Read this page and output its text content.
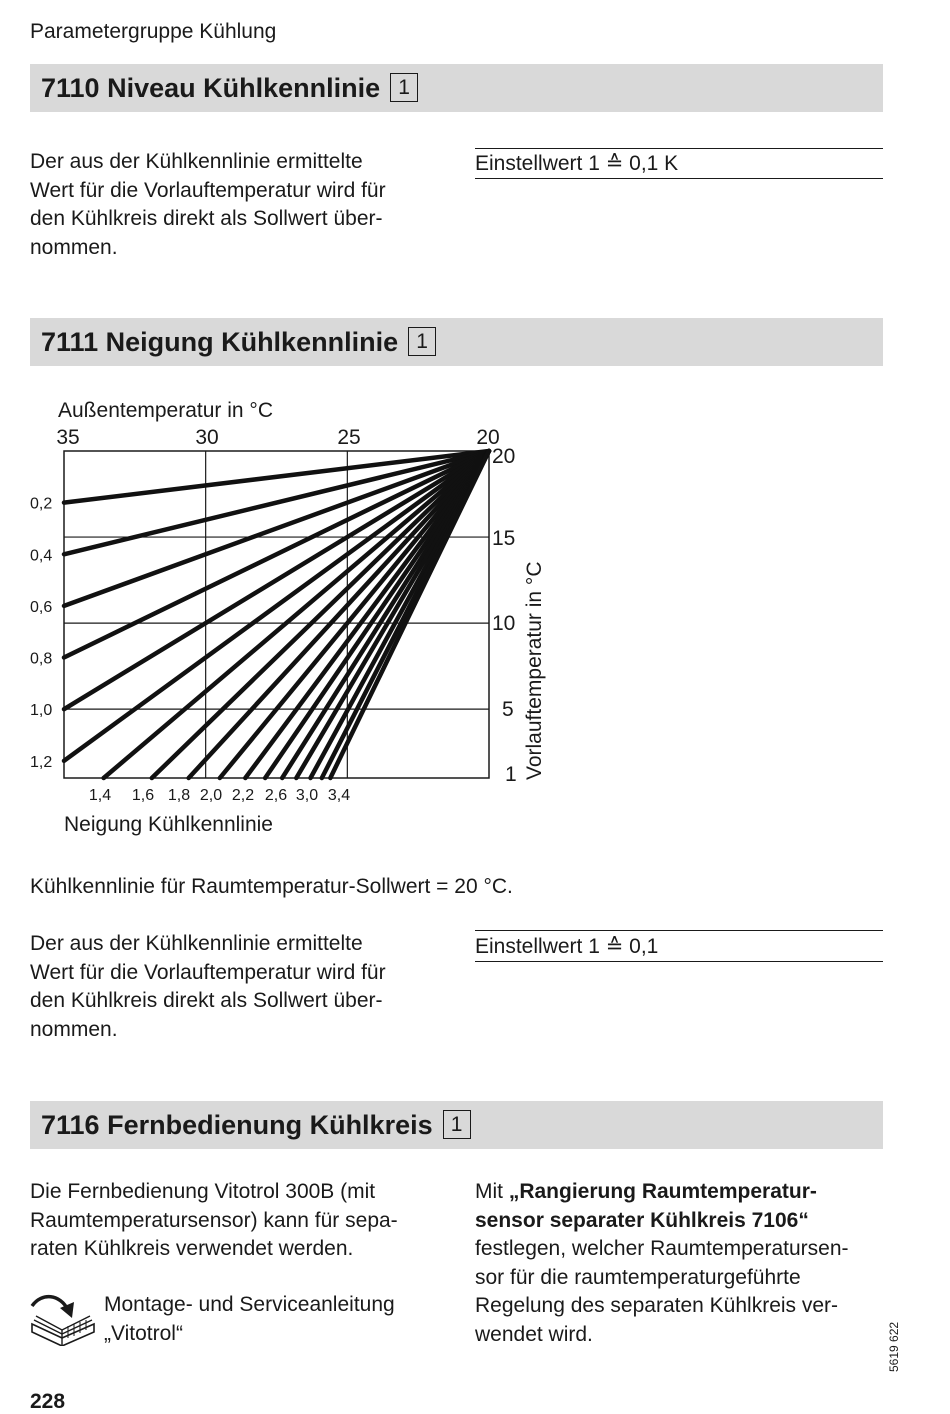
Parametergruppe Kühlung
7110 Niveau Kühlkennlinie 1
Der aus der Kühlkennlinie ermittelte
Wert für die Vorlauftemperatur wird für
den Kühlkreis direkt als Sollwert über-
nommen.
Einstellwert 1 ≙ 0,1 K
7111 Neigung Kühlkennlinie 1
Außentemperatur in °C
35	30	25	20
20
15
10
5
1
0,2
0,4
0,6
0,8
1,0
1,2
1,4 1,6 1,8 2,0 2,2 2,6 3,0 3,4
Vorlauftemperatur in °C
Neigung Kühlkennlinie
Kühlkennlinie für Raumtemperatur-Sollwert = 20 °C.
Der aus der Kühlkennlinie ermittelte
Wert für die Vorlauftemperatur wird für
den Kühlkreis direkt als Sollwert über-
nommen.
Einstellwert 1 ≙ 0,1
7116 Fernbedienung Kühlkreis 1
Die Fernbedienung Vitotrol 300B (mit
Raumtemperatursensor) kann für sepa-
raten Kühlkreis verwendet werden.
Montage- und Serviceanleitung
„Vitotrol“
Mit „Rangierung Raumtemperatur-
sensor separater Kühlkreis 7106“
festlegen, welcher Raumtemperatursen-
sor für die raumtemperaturgeführte
Regelung des separaten Kühlkreis ver-
wendet wird.
228
5619 622
